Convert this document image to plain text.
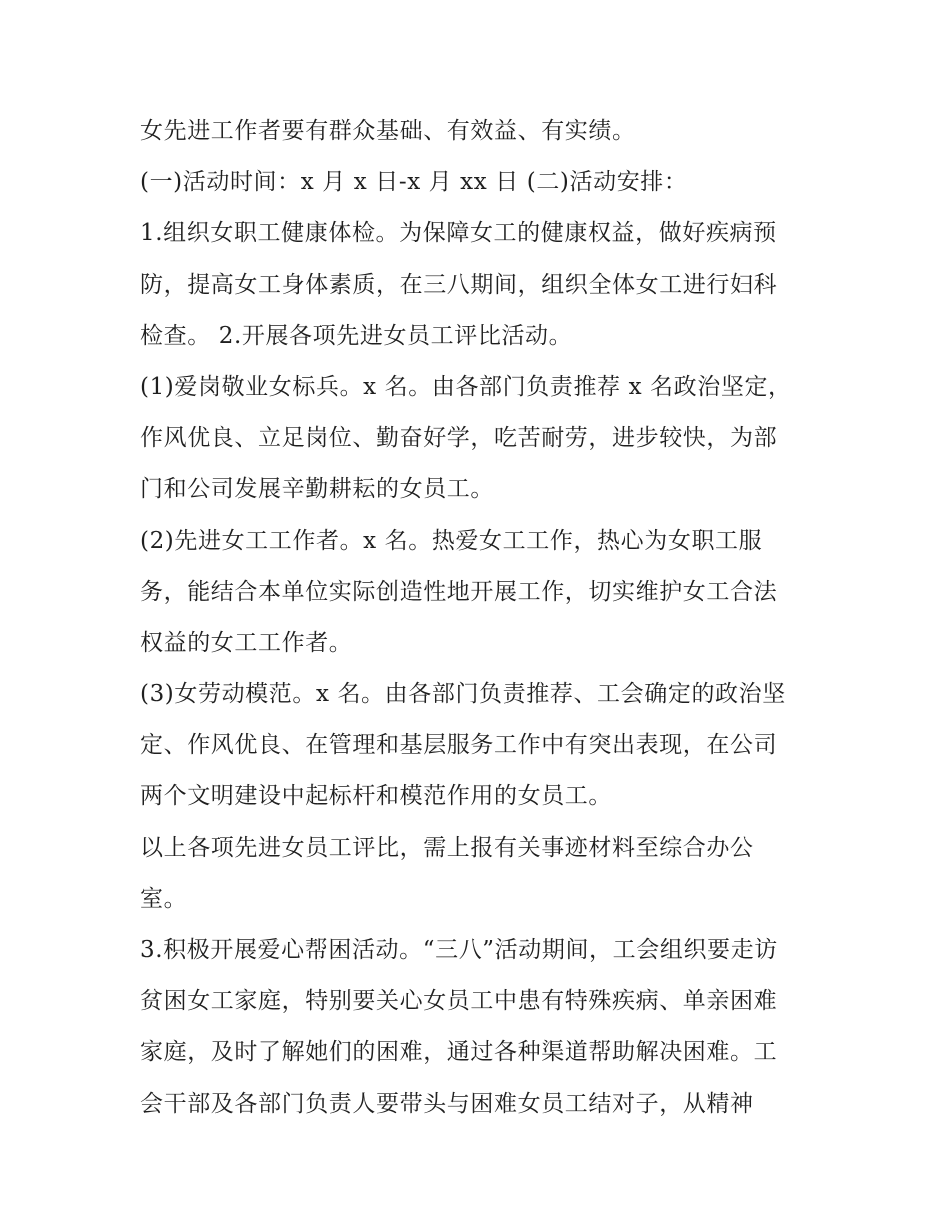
女先进工作者要有群众基础、有效益、有实绩。
(一)活动时间：x 月 x 日-x 月 xx 日 (二)活动安排：
1.组织女职工健康体检。为保障女工的健康权益，做好疾病预
防，提高女工身体素质，在三八期间，组织全体女工进行妇科
检查。 2.开展各项先进女员工评比活动。
(1)爱岗敬业女标兵。x 名。由各部门负责推荐 x 名政治坚定，
作风优良、立足岗位、勤奋好学，吃苦耐劳，进步较快，为部
门和公司发展辛勤耕耘的女员工。
(2)先进女工工作者。x 名。热爱女工工作，热心为女职工服
务，能结合本单位实际创造性地开展工作，切实维护女工合法
权益的女工工作者。
(3)女劳动模范。x 名。由各部门负责推荐、工会确定的政治坚
定、作风优良、在管理和基层服务工作中有突出表现，在公司
两个文明建设中起标杆和模范作用的女员工。
以上各项先进女员工评比，需上报有关事迹材料至综合办公
室。
3.积极开展爱心帮困活动。“三八”活动期间，工会组织要走访
贫困女工家庭，特别要关心女员工中患有特殊疾病、单亲困难
家庭，及时了解她们的困难，通过各种渠道帮助解决困难。工
会干部及各部门负责人要带头与困难女员工结对子，从精神
